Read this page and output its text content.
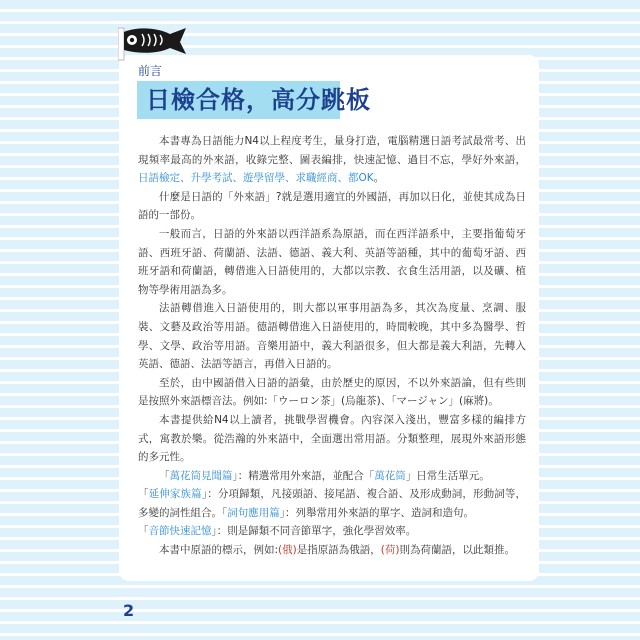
前言
日檢合格，高分跳板

本書專為日語能力N4以上程度考生，量身打造，電腦精選日語考試最常考、出現頻率最高的外來語，收錄完整、圖表編排，快速記憶、過目不忘，學好外來語，日語檢定、升學考試、遊學留學、求職經商、都OK。

什麼是日語的「外來語」?就是選用適宜的外國語，再加以日化，並使其成為日語的一部份。

一般而言，日語的外來語以西洋語系為原語，而在西洋語系中，主要指葡萄牙語、西班牙語、荷蘭語、法語、德語、義大利、英語等語種，其中的葡萄牙語、西班牙語和荷蘭語，轉借進入日語使用的，大都以宗教、衣食生活用語，以及礦、植物等學術用語為多。

法語轉借進入日語使用的，則大都以軍事用語為多，其次為度量、烹調、服裝、文藝及政治等用語。德語轉借進入日語使用的，時間較晚，其中多為醫學、哲學、文學、政治等用語。音樂用語中，義大利語很多，但大都是義大利語，先轉入英語、德語、法語等語言，再借入日語的。

至於，由中國語借入日語的語彙，由於歷史的原因，不以外來語論，但有些則是按照外來語標音法。例如:「ウーロン茶」(烏龍茶)、「マージャン」(麻將)。

本書提供給N4以上讀者，挑戰學習機會。內容深入淺出，豐富多樣的編排方式，寓教於樂。從浩瀚的外來語中，全面選出常用語。分類整理，展現外來語形態的多元性。

「萬花筒見聞篇」：精選常用外來語，並配合「萬花筒」日常生活單元。

「延伸家族篇」：分項歸類，凡接頭語、接尾語、複合語、及形成動詞，形動詞等，多變的詞性組合。「詞句應用篇」：列舉常用外來語的單字、造詞和造句。

「音節快速記憶」：則是歸類不同音節單字，強化學習效率。

本書中原語的標示，例如:(俄)是指原語為俄語，(荷)則為荷蘭語，以此類推。

2
